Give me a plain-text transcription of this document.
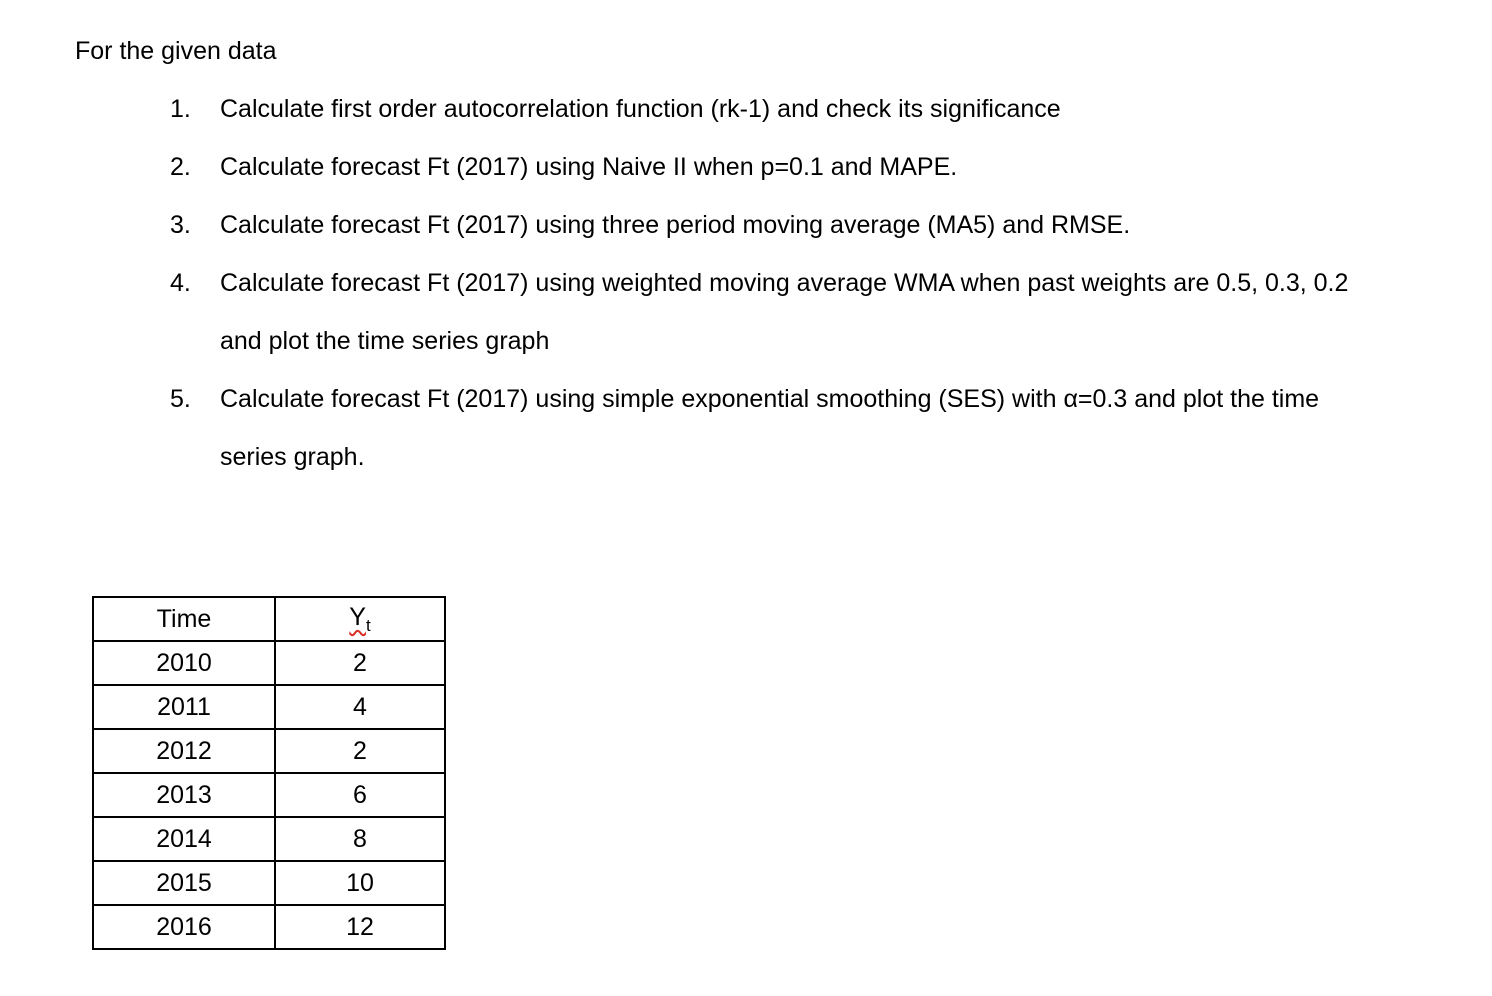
For the given data

1.	Calculate first order autocorrelation function (rk-1) and check its significance
2.	Calculate forecast Ft (2017) using Naive II when p=0.1 and MAPE.
3.	Calculate forecast Ft (2017) using three period moving average (MA5) and RMSE.
4.	Calculate forecast Ft (2017) using weighted moving average WMA when past weights are 0.5, 0.3, 0.2 and plot the time series graph
5.	Calculate forecast Ft (2017) using simple exponential smoothing (SES) with α=0.3 and plot the time series graph.
Time	$Y_t$
2010	2
2011	4
2012	2
2013	6
2014	8
2015	10
2016	12
